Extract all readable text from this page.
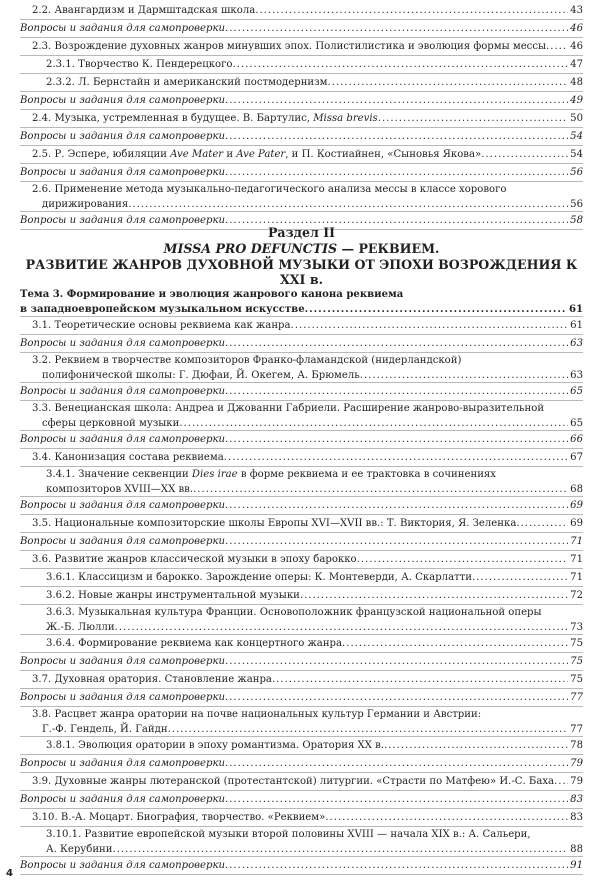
2.2. Авангардизм и Дармштадская школа .....	43
Вопросы и задания для самопроверки .....	46
2.3. Возрождение духовных жанров минувших эпох. Полистилистика и эволюция формы мессы ..... 46
2.3.1. Творчество К. Пендерецкого .....	47
2.3.2. Л. Бернстайн и американский постмодернизм .....	48
Вопросы и задания для самопроверки .....	49
2.4. Музыка, устремленная в будущее. В. Бартулис, Missa brevis .....	50
Вопросы и задания для самопроверки .....	54
2.5. Р. Эспере, юбиляции Ave Mater и Ave Pater, и П. Костиайнен, «Сыновья Якова» .....	54
Вопросы и задания для самопроверки .....	56
2.6. Применение метода музыкально-педагогического анализа мессы в классе хорового
дирижирования .....	56
Вопросы и задания для самопроверки .....	58
Раздел II
MISSA PRO DEFUNCTIS — РЕКВИЕМ.
РАЗВИТИЕ ЖАНРОВ ДУХОВНОЙ МУЗЫКИ ОТ ЭПОХИ ВОЗРОЖДЕНИЯ К XXI в.
Тема 3. Формирование и эволюция жанрового канона реквиема
в западноевропейском музыкальном искусстве .....	61
3.1. Теоретические основы реквиема как жанра .....	61
Вопросы и задания для самопроверки .....	63
3.2. Реквием в творчестве композиторов Франко-фламандской (нидерландской)
полифонической школы: Г. Дюфаи, Й. Окегем, А. Брюмель .....	63
Вопросы и задания для самопроверки .....	65
3.3. Венецианская школа: Андреа и Джованни Габриели. Расширение жанрово-выразительной
сферы церковной музыки .....	65
Вопросы и задания для самопроверки .....	66
3.4. Канонизация состава реквиема .....	67
3.4.1. Значение секвенции Dies irae в форме реквиема и ее трактовка в сочинениях
композиторов XVIII—XX вв. .....	68
Вопросы и задания для самопроверки .....	69
3.5. Национальные композиторские школы Европы XVI—XVII вв.: Т. Виктория, Я. Зеленка .....	69
Вопросы и задания для самопроверки .....	71
3.6. Развитие жанров классической музыки в эпоху барокко .....	71
3.6.1. Классицизм и барокко. Зарождение оперы: К. Монтеверди, А. Скарлатти .....	71
3.6.2. Новые жанры инструментальной музыки .....	72
3.6.3. Музыкальная культура Франции. Основоположник французской национальной оперы
Ж.-Б. Люлли .....	73
3.6.4. Формирование реквиема как концертного жанра .....	75
Вопросы и задания для самопроверки .....	75
3.7. Духовная оратория. Становление жанра .....	75
Вопросы и задания для самопроверки .....	77
3.8. Расцвет жанра оратории на почве национальных культур Германии и Австрии:
Г.-Ф. Гендель, Й. Гайдн .....	77
3.8.1. Эволюция оратории в эпоху романтизма. Оратория XX в. .....	78
Вопросы и задания для самопроверки .....	79
3.9. Духовные жанры лютеранской (протестантской) литургии. «Страсти по Матфею» И.-С. Баха ..... 79
Вопросы и задания для самопроверки .....	83
3.10. В.-А. Моцарт. Биография, творчество. «Реквием» .....	83
3.10.1. Развитие европейской музыки второй половины XVIII — начала XIX в.: А. Сальери,
А. Керубини .....	88
Вопросы и задания для самопроверки .....	91
4
